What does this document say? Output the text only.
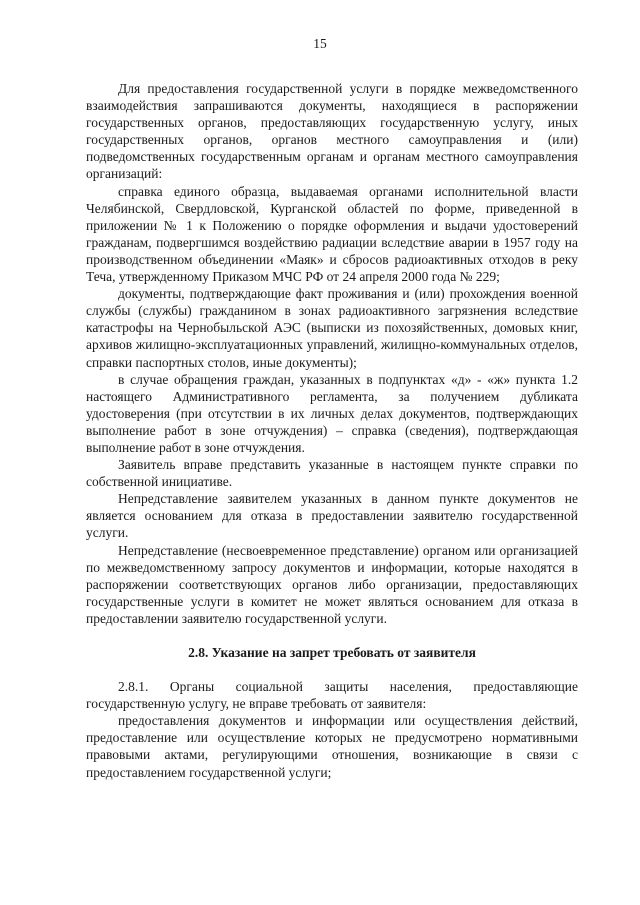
15

Для предоставления государственной услуги в порядке межведомственного взаимодействия запрашиваются документы, находящиеся в распоряжении государственных органов, предоставляющих государственную услугу, иных государственных органов, органов местного самоуправления и (или) подведомственных государственным органам и органам местного самоуправления организаций:

справка единого образца, выдаваемая органами исполнительной власти Челябинской, Свердловской, Курганской областей по форме, приведенной в приложении № 1 к Положению о порядке оформления и выдачи удостоверений гражданам, подвергшимся воздействию радиации вследствие аварии в 1957 году на производственном объединении «Маяк» и сбросов радиоактивных отходов в реку Теча, утвержденному Приказом МЧС РФ от 24 апреля 2000 года № 229;

документы, подтверждающие факт проживания и (или) прохождения военной службы (службы) гражданином в зонах радиоактивного загрязнения вследствие катастрофы на Чернобыльской АЭС (выписки из похозяйственных, домовых книг, архивов жилищно-эксплуатационных управлений, жилищно-коммунальных отделов, справки паспортных столов, иные документы);

в случае обращения граждан, указанных в подпунктах «д» - «ж» пункта 1.2 настоящего Административного регламента, за получением дубликата удостоверения (при отсутствии в их личных делах документов, подтверждающих выполнение работ в зоне отчуждения) – справка (сведения), подтверждающая выполнение работ в зоне отчуждения.

Заявитель вправе представить указанные в настоящем пункте справки по собственной инициативе.

Непредставление заявителем указанных в данном пункте документов не является основанием для отказа в предоставлении заявителю государственной услуги.

Непредставление (несвоевременное представление) органом или организацией по межведомственному запросу документов и информации, которые находятся в распоряжении соответствующих органов либо организации, предоставляющих государственные услуги в комитет не может являться основанием для отказа в предоставлении заявителю государственной услуги.

2.8. Указание на запрет требовать от заявителя

2.8.1. Органы социальной защиты населения, предоставляющие государственную услугу, не вправе требовать от заявителя:

предоставления документов и информации или осуществления действий, предоставление или осуществление которых не предусмотрено нормативными правовыми актами, регулирующими отношения, возникающие в связи с предоставлением государственной услуги;
